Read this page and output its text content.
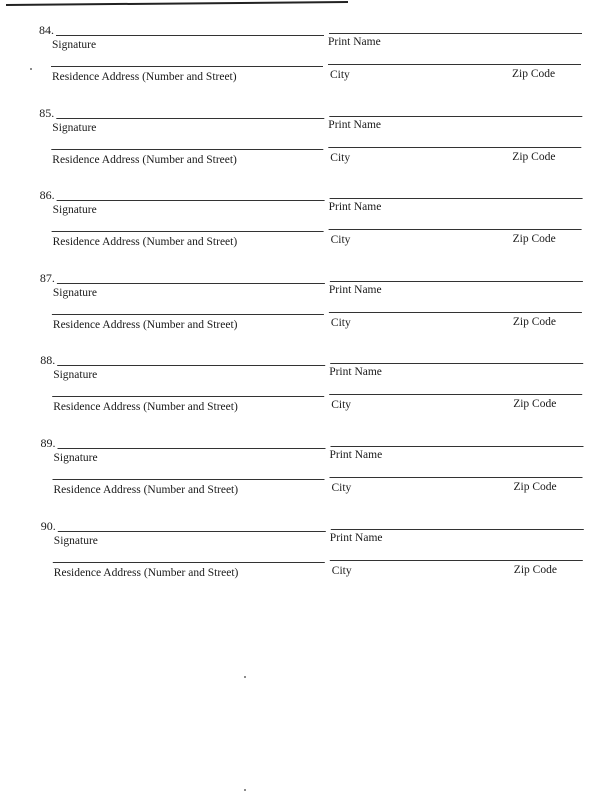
84.
Signature	Print Name
Residence Address (Number and Street)	City	Zip Code
85.
Signature	Print Name
Residence Address (Number and Street)	City	Zip Code
86.
Signature	Print Name
Residence Address (Number and Street)	City	Zip Code
87.
Signature	Print Name
Residence Address (Number and Street)	City	Zip Code
88.
Signature	Print Name
Residence Address (Number and Street)	City	Zip Code
89.
Signature	Print Name
Residence Address (Number and Street)	City	Zip Code
90.
Signature	Print Name
Residence Address (Number and Street)	City	Zip Code
